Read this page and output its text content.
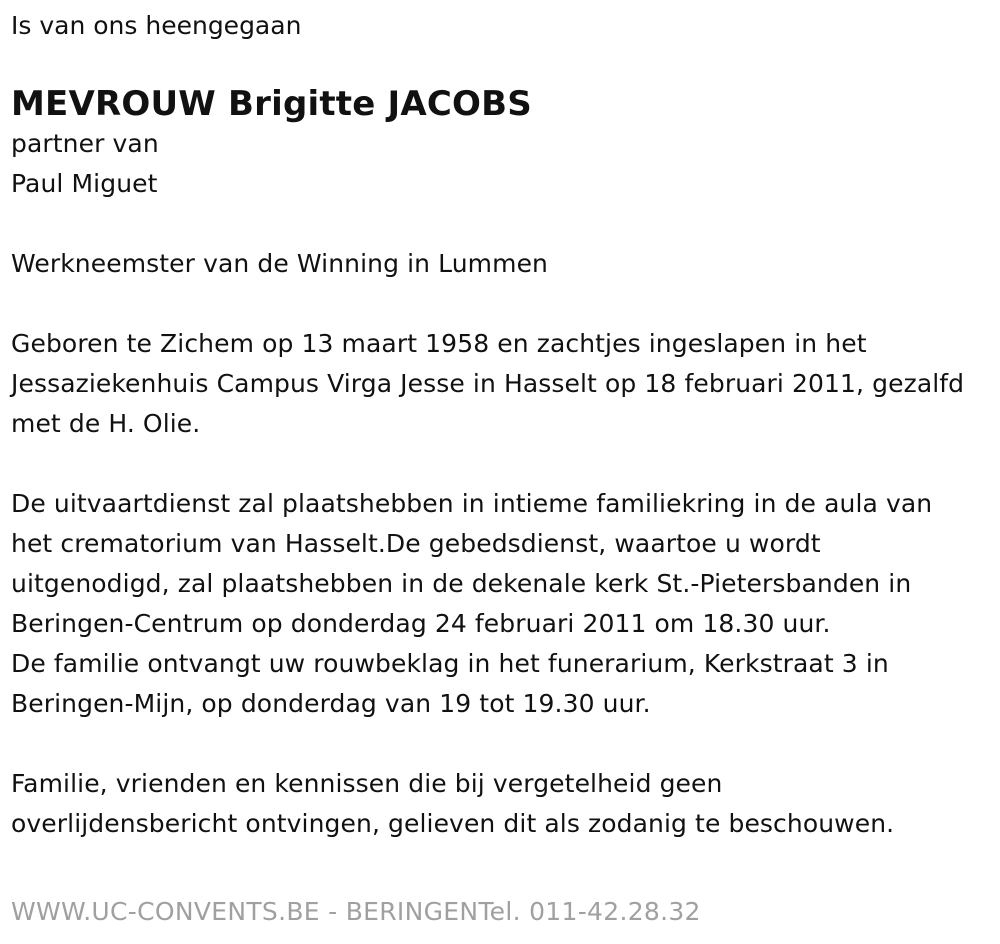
Is van ons heengegaan
MEVROUW Brigitte JACOBS
partner van
Paul Miguet
Werkneemster van de Winning in Lummen
Geboren te Zichem op 13 maart 1958 en zachtjes ingeslapen in het
Jessaziekenhuis Campus Virga Jesse in Hasselt op 18 februari 2011, gezalfd
met de H. Olie.
De uitvaartdienst zal plaatshebben in intieme familiekring in de aula van
het crematorium van Hasselt.De gebedsdienst, waartoe u wordt
uitgenodigd, zal plaatshebben in de dekenale kerk St.-Pietersbanden in
Beringen-Centrum op donderdag 24 februari 2011 om 18.30 uur.
De familie ontvangt uw rouwbeklag in het funerarium, Kerkstraat 3 in
Beringen-Mijn, op donderdag van 19 tot 19.30 uur.
Familie, vrienden en kennissen die bij vergetelheid geen
overlijdensbericht ontvingen, gelieven dit als zodanig te beschouwen.
WWW.UC-CONVENTS.BE - BERINGENTel. 011-42.28.32
